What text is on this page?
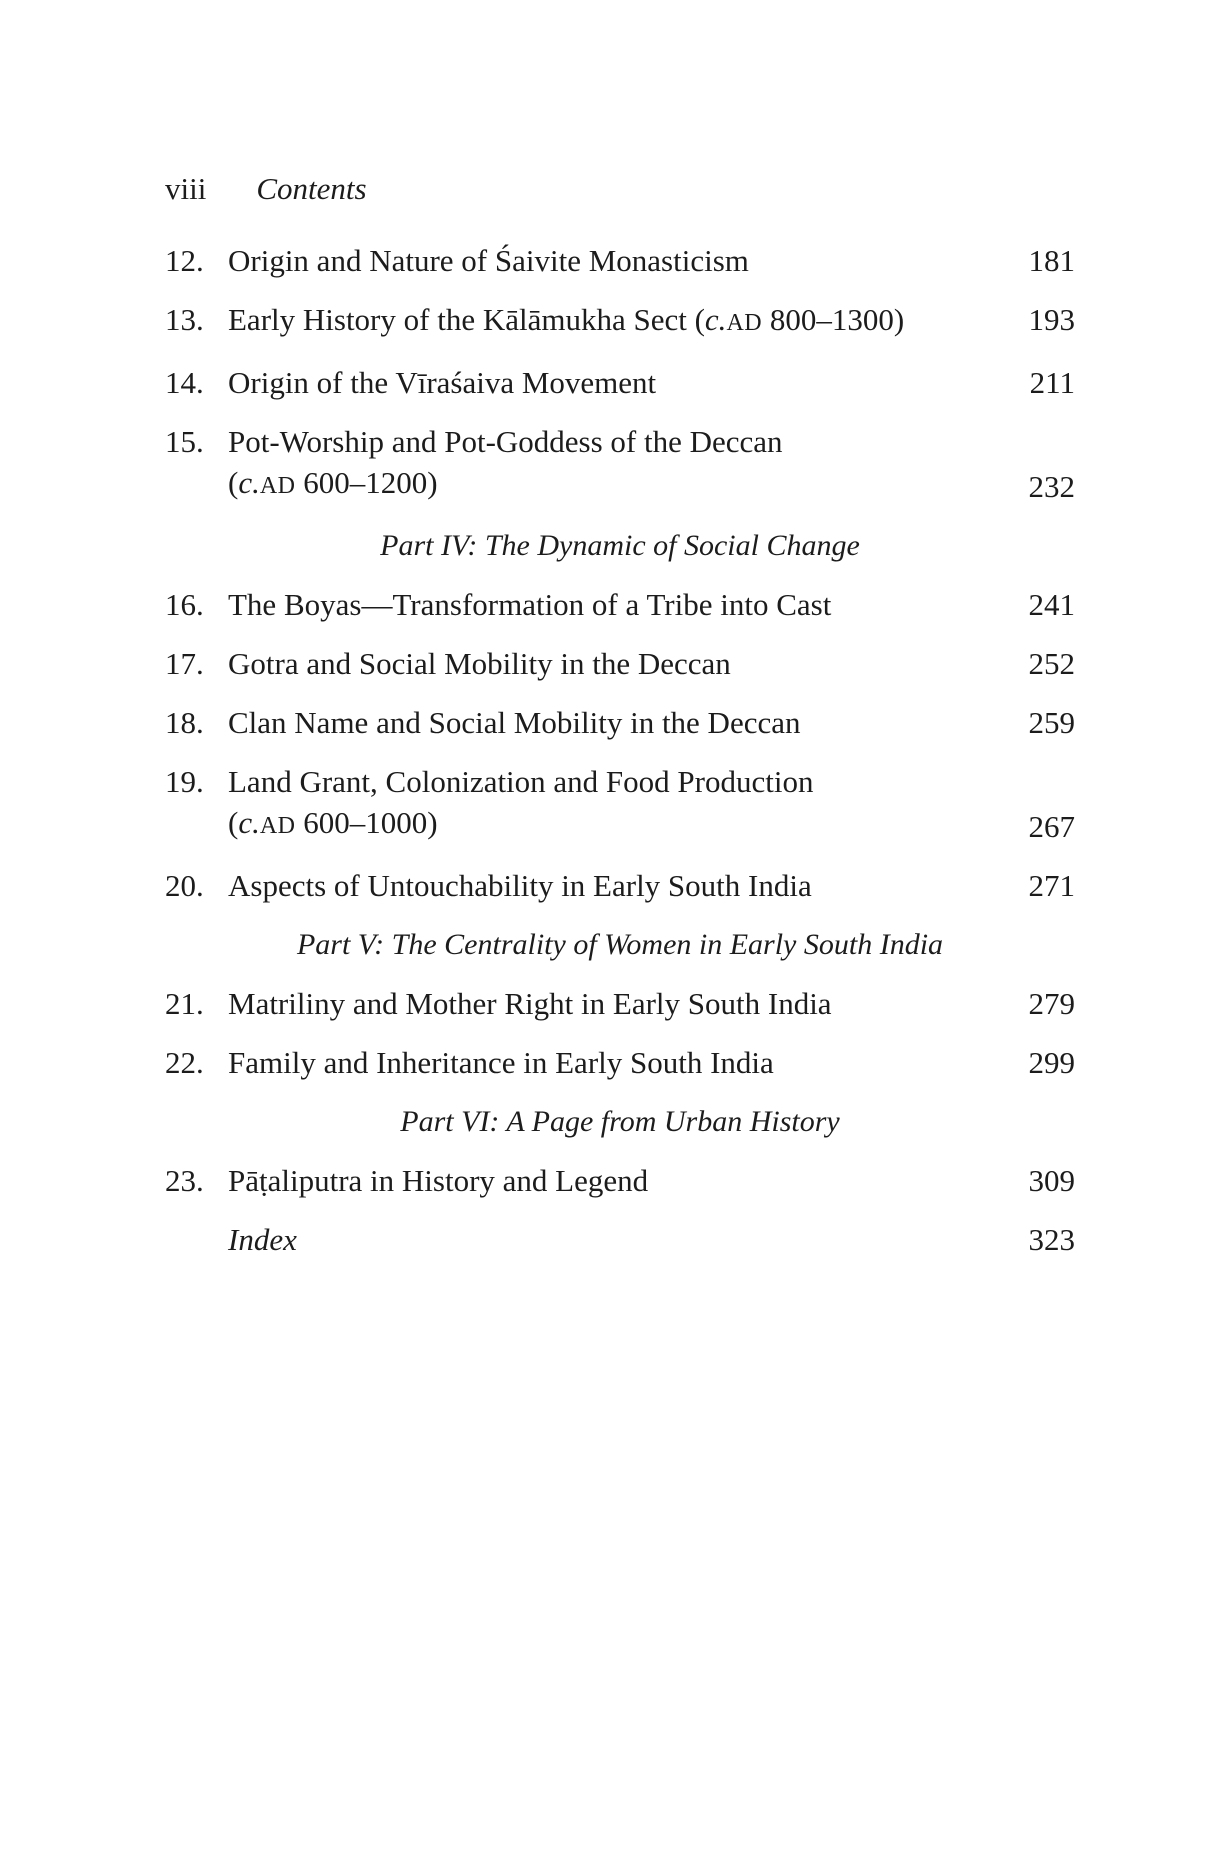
viii Contents
12. Origin and Nature of Śaivite Monasticism	181
13. Early History of the Kālāmukha Sect (c.AD 800–1300)	193
14. Origin of the Vīraśaiva Movement	211
15. Pot-Worship and Pot-Goddess of the Deccan
(c.AD 600–1200)	232
Part IV: The Dynamic of Social Change
16. The Boyas—Transformation of a Tribe into Cast	241
17. Gotra and Social Mobility in the Deccan	252
18. Clan Name and Social Mobility in the Deccan	259
19. Land Grant, Colonization and Food Production
(c.AD 600–1000)	267
20. Aspects of Untouchability in Early South India	271
Part V: The Centrality of Women in Early South India
21. Matriliny and Mother Right in Early South India	279
22. Family and Inheritance in Early South India	299
Part VI: A Page from Urban History
23. Pāṭaliputra in History and Legend	309
Index	323
